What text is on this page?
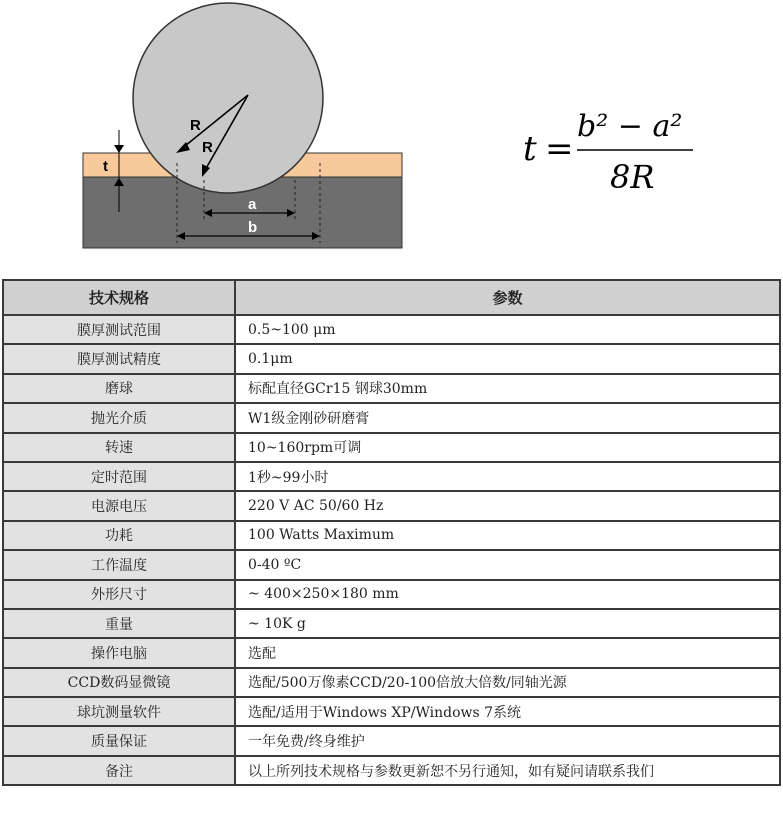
R
R
t
a
b
t =
b² − a²
8R
技术规格	参数
膜厚测试范围	0.5~100 μm
膜厚测试精度	0.1μm
磨球	标配直径GCr15 钢球30mm
抛光介质	W1级金刚砂研磨膏
转速	10~160rpm可调
定时范围	1秒~99小时
电源电压	220 V AC 50/60 Hz
功耗	100 Watts Maximum
工作温度	0-40 ºC
外形尺寸	~ 400×250×180 mm
重量	~ 10K g
操作电脑	选配
CCD数码显微镜	选配/500万像素CCD/20-100倍放大倍数/同轴光源
球坑测量软件	选配/适用于Windows XP/Windows 7系统
质量保证	一年免费/终身维护
备注	以上所列技术规格与参数更新恕不另行通知，如有疑问请联系我们
